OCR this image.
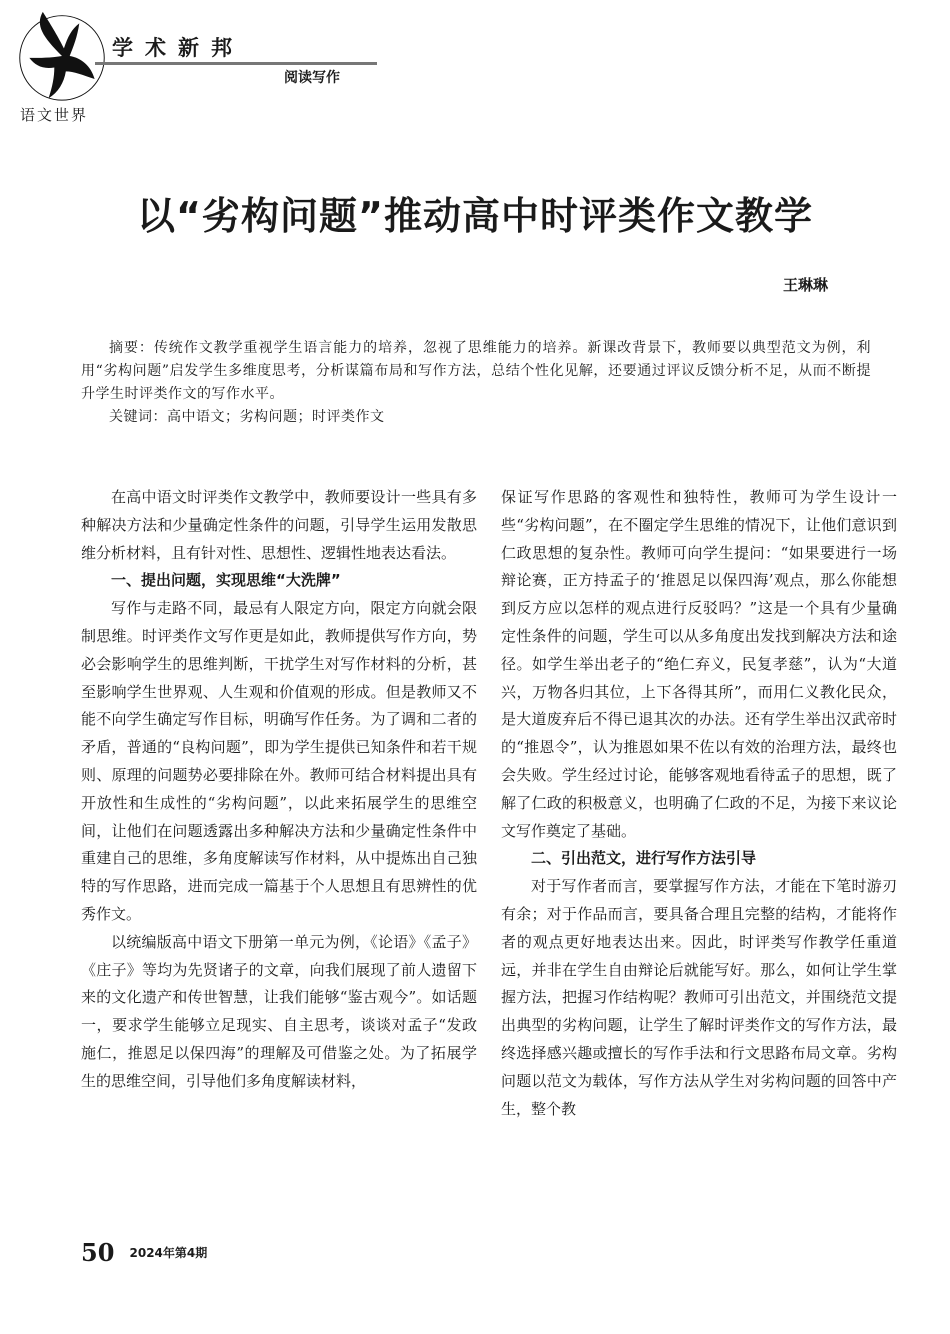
语文世界
学术新邦
阅读写作
以“劣构问题”推动高中时评类作文教学
王琳琳

摘要：传统作文教学重视学生语言能力的培养，忽视了思维能力的培养。新课改背景下，教师要以典型范文为例，利用“劣构问题”启发学生多维度思考，分析谋篇布局和写作方法，总结个性化见解，还要通过评议反馈分析不足，从而不断提升学生时评类作文的写作水平。

关键词：高中语文；劣构问题；时评类作文

在高中语文时评类作文教学中，教师要设计一些具有多种解决方法和少量确定性条件的问题，引导学生运用发散思维分析材料，且有针对性、思想性、逻辑性地表达看法。

一、提出问题，实现思维“大洗牌”

写作与走路不同，最忌有人限定方向，限定方向就会限制思维。时评类作文写作更是如此，教师提供写作方向，势必会影响学生的思维判断，干扰学生对写作材料的分析，甚至影响学生世界观、人生观和价值观的形成。但是教师又不能不向学生确定写作目标，明确写作任务。为了调和二者的矛盾，普通的“良构问题”，即为学生提供已知条件和若干规则、原理的问题势必要排除在外。教师可结合材料提出具有开放性和生成性的“劣构问题”，以此来拓展学生的思维空间，让他们在问题透露出多种解决方法和少量确定性条件中重建自己的思维，多角度解读写作材料，从中提炼出自己独特的写作思路，进而完成一篇基于个人思想且有思辨性的优秀作文。

以统编版高中语文下册第一单元为例，《论语》《孟子》《庄子》等均为先贤诸子的文章，向我们展现了前人遗留下来的文化遗产和传世智慧，让我们能够“鉴古观今”。如话题一，要求学生能够立足现实、自主思考，谈谈对孟子“发政施仁，推恩足以保四海”的理解及可借鉴之处。为了拓展学生的思维空间，引导他们多角度解读材料，

保证写作思路的客观性和独特性，教师可为学生设计一些“劣构问题”，在不圈定学生思维的情况下，让他们意识到仁政思想的复杂性。教师可向学生提问：“如果要进行一场辩论赛，正方持孟子的‘推恩足以保四海’观点，那么你能想到反方应以怎样的观点进行反驳吗？”这是一个具有少量确定性条件的问题，学生可以从多角度出发找到解决方法和途径。如学生举出老子的“绝仁弃义，民复孝慈”，认为“大道兴，万物各归其位，上下各得其所”，而用仁义教化民众，是大道废弃后不得已退其次的办法。还有学生举出汉武帝时的“推恩令”，认为推恩如果不佐以有效的治理方法，最终也会失败。学生经过讨论，能够客观地看待孟子的思想，既了解了仁政的积极意义，也明确了仁政的不足，为接下来议论文写作奠定了基础。

二、引出范文，进行写作方法引导

对于写作者而言，要掌握写作方法，才能在下笔时游刃有余；对于作品而言，要具备合理且完整的结构，才能将作者的观点更好地表达出来。因此，时评类写作教学任重道远，并非在学生自由辩论后就能写好。那么，如何让学生掌握方法，把握习作结构呢？教师可引出范文，并围绕范文提出典型的劣构问题，让学生了解时评类作文的写作方法，最终选择感兴趣或擅长的写作手法和行文思路布局文章。劣构问题以范文为载体，写作方法从学生对劣构问题的回答中产生，整个教

50 $^{2024年第4期}$
